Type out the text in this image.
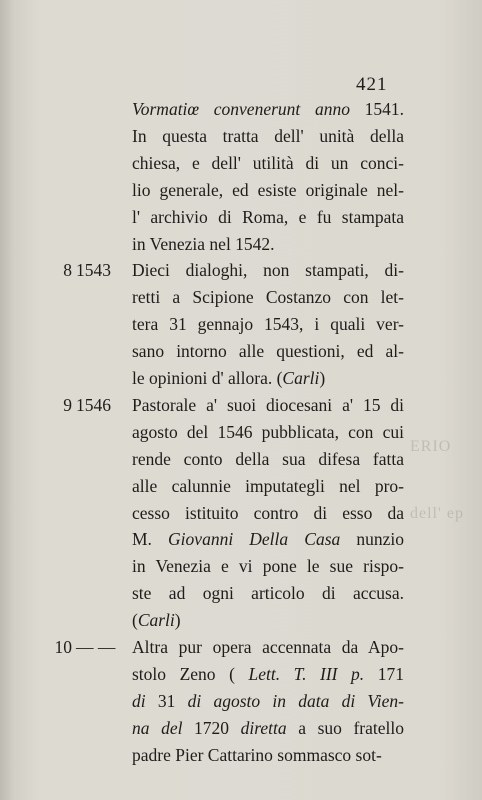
ERIO
dell' ep
421
Vormatiœ convenerunt anno 1541.
In questa tratta dell' unità della
chiesa, e dell' utilità di un conci-
lio generale, ed esiste originale nel-
l' archivio di Roma, e fu stampata
in Venezia nel 1542.
8 1543 Dieci dialoghi, non stampati, di-
retti a Scipione Costanzo con let-
tera 31 gennajo 1543, i quali ver-
sano intorno alle questioni, ed al-
le opinioni d' allora. (Carli)
9 1546 Pastorale a' suoi diocesani a' 15 di
agosto del 1546 pubblicata, con cui
rende conto della sua difesa fatta
alle calunnie imputategli nel pro-
cesso istituito contro di esso da
M. Giovanni Della Casa nunzio
in Venezia e vi pone le sue rispo-
ste ad ogni articolo di accusa.
(Carli)
10 — — Altra pur opera accennata da Apo-
stolo Zeno ( Lett. T. III p. 171
di 31 di agosto in data di Vien-
na del 1720 diretta a suo fratello
padre Pier Cattarino sommasco sot-
